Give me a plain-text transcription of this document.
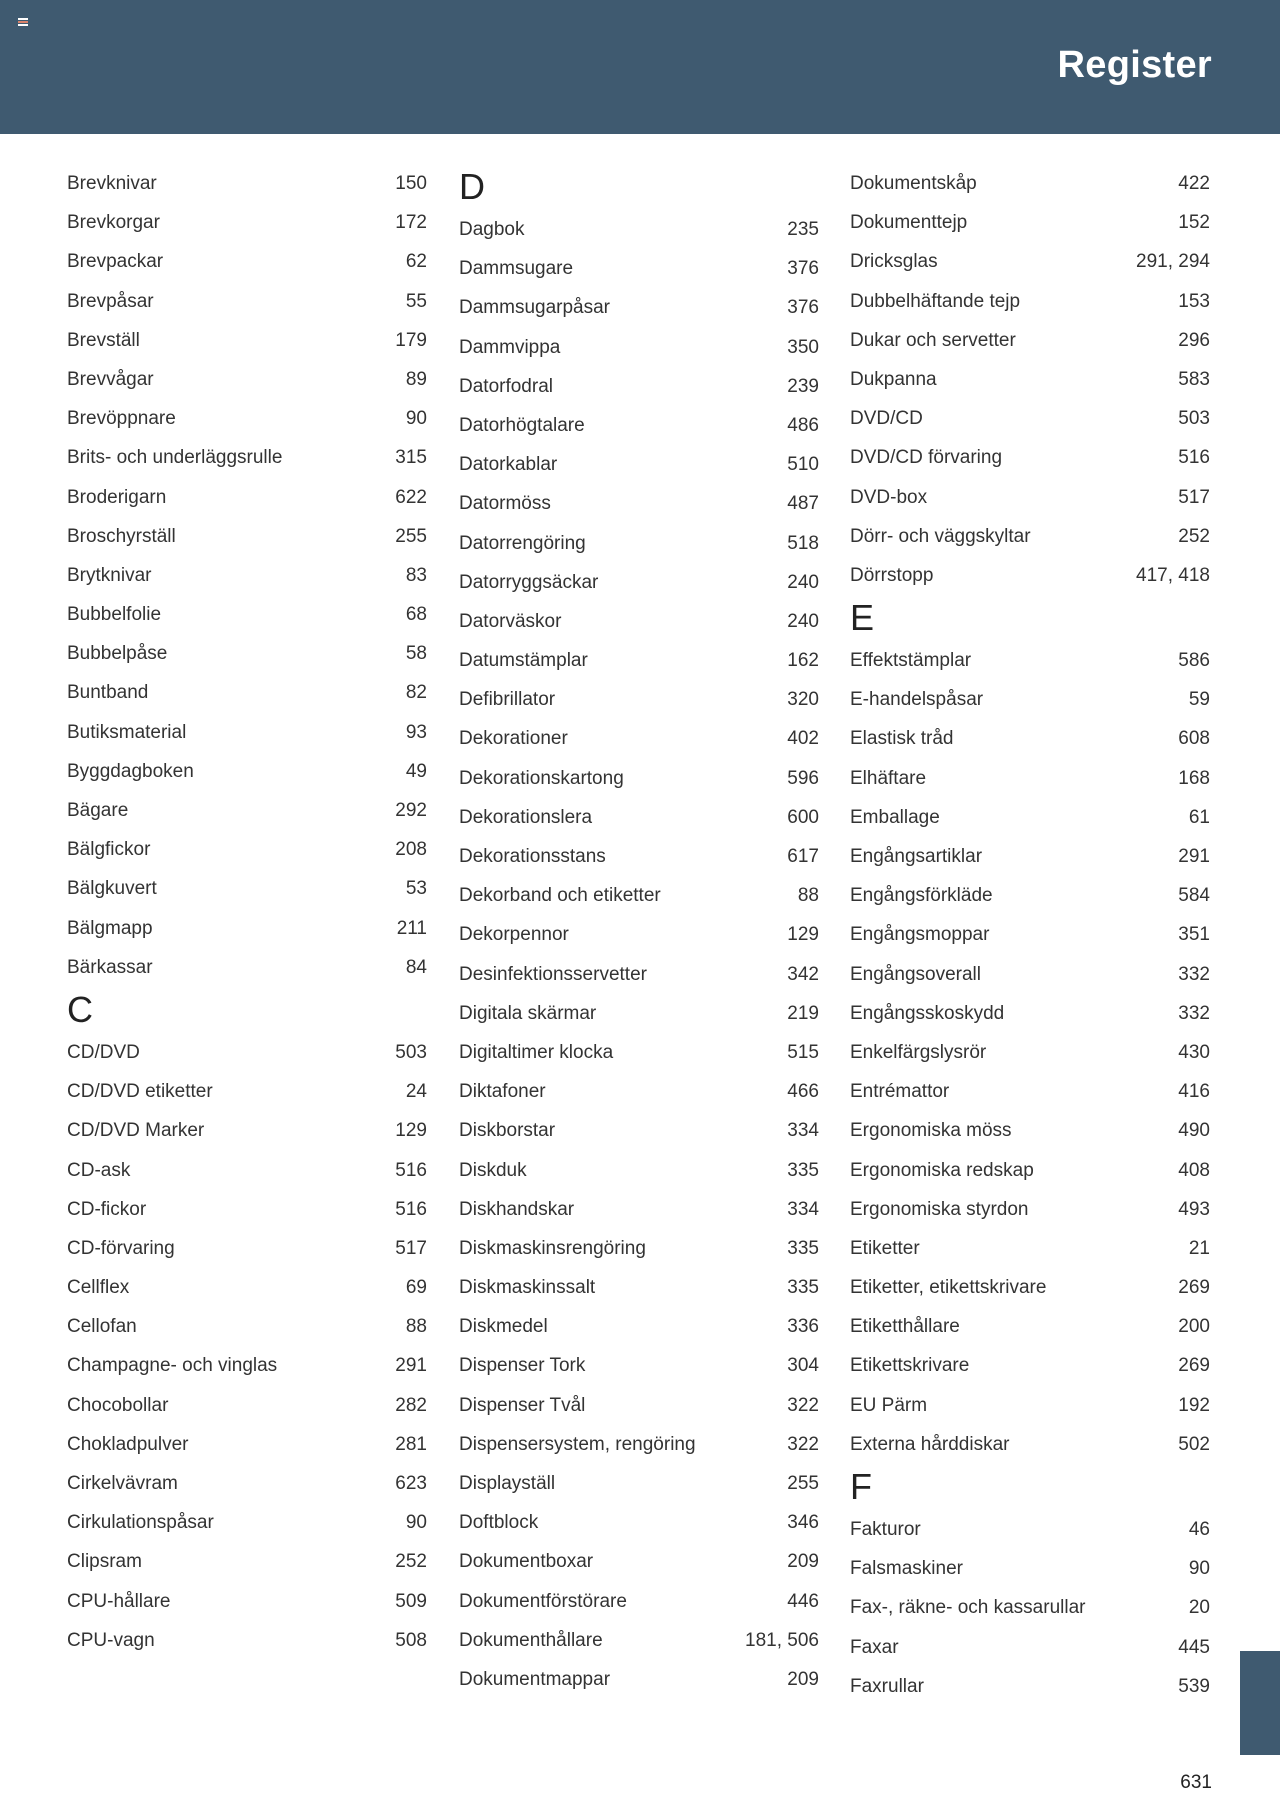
Register
Brevknivar	150
Brevkorgar	172
Brevpackar	62
Brevpåsar	55
Brevställ	179
Brevvågar	89
Brevöppnare	90
Brits- och underläggsrulle	315
Broderigarn	622
Broschyrställ	255
Brytknivar	83
Bubbelfolie	68
Bubbelpåse	58
Buntband	82
Butiksmaterial	93
Byggdagboken	49
Bägare	292
Bälgfickor	208
Bälgkuvert	53
Bälgmapp	211
Bärkassar	84
C
CD/DVD	503
CD/DVD etiketter	24
CD/DVD Marker	129
CD-ask	516
CD-fickor	516
CD-förvaring	517
Cellflex	69
Cellofan	88
Champagne- och vinglas	291
Chocobollar	282
Chokladpulver	281
Cirkelvävram	623
Cirkulationspåsar	90
Clipsram	252
CPU-hållare	509
CPU-vagn	508
D
Dagbok	235
Dammsugare	376
Dammsugarpåsar	376
Dammvippa	350
Datorfodral	239
Datorhögtalare	486
Datorkablar	510
Datormöss	487
Datorrengöring	518
Datorryggsäckar	240
Datorväskor	240
Datumstämplar	162
Defibrillator	320
Dekorationer	402
Dekorationskartong	596
Dekorationslera	600
Dekorationsstans	617
Dekorband och etiketter	88
Dekorpennor	129
Desinfektionsservetter	342
Digitala skärmar	219
Digitaltimer klocka	515
Diktafoner	466
Diskborstar	334
Diskduk	335
Diskhandskar	334
Diskmaskinsrengöring	335
Diskmaskinssalt	335
Diskmedel	336
Dispenser Tork	304
Dispenser Tvål	322
Dispensersystem, rengöring	322
Displayställ	255
Doftblock	346
Dokumentboxar	209
Dokumentförstörare	446
Dokumenthållare	181, 506
Dokumentmappar	209
Dokumentskåp	422
Dokumenttejp	152
Dricksglas	291, 294
Dubbelhäftande tejp	153
Dukar och servetter	296
Dukpanna	583
DVD/CD	503
DVD/CD förvaring	516
DVD-box	517
Dörr- och väggskyltar	252
Dörrstopp	417, 418
E
Effektstämplar	586
E-handelspåsar	59
Elastisk tråd	608
Elhäftare	168
Emballage	61
Engångsartiklar	291
Engångsförkläde	584
Engångsmoppar	351
Engångsoverall	332
Engångsskoskydd	332
Enkelfärgslysrör	430
Entrémattor	416
Ergonomiska möss	490
Ergonomiska redskap	408
Ergonomiska styrdon	493
Etiketter	21
Etiketter, etikettskrivare	269
Etiketthållare	200
Etikettskrivare	269
EU Pärm	192
Externa hårddiskar	502
F
Fakturor	46
Falsmaskiner	90
Fax-, räkne- och kassarullar	20
Faxar	445
Faxrullar	539
631
